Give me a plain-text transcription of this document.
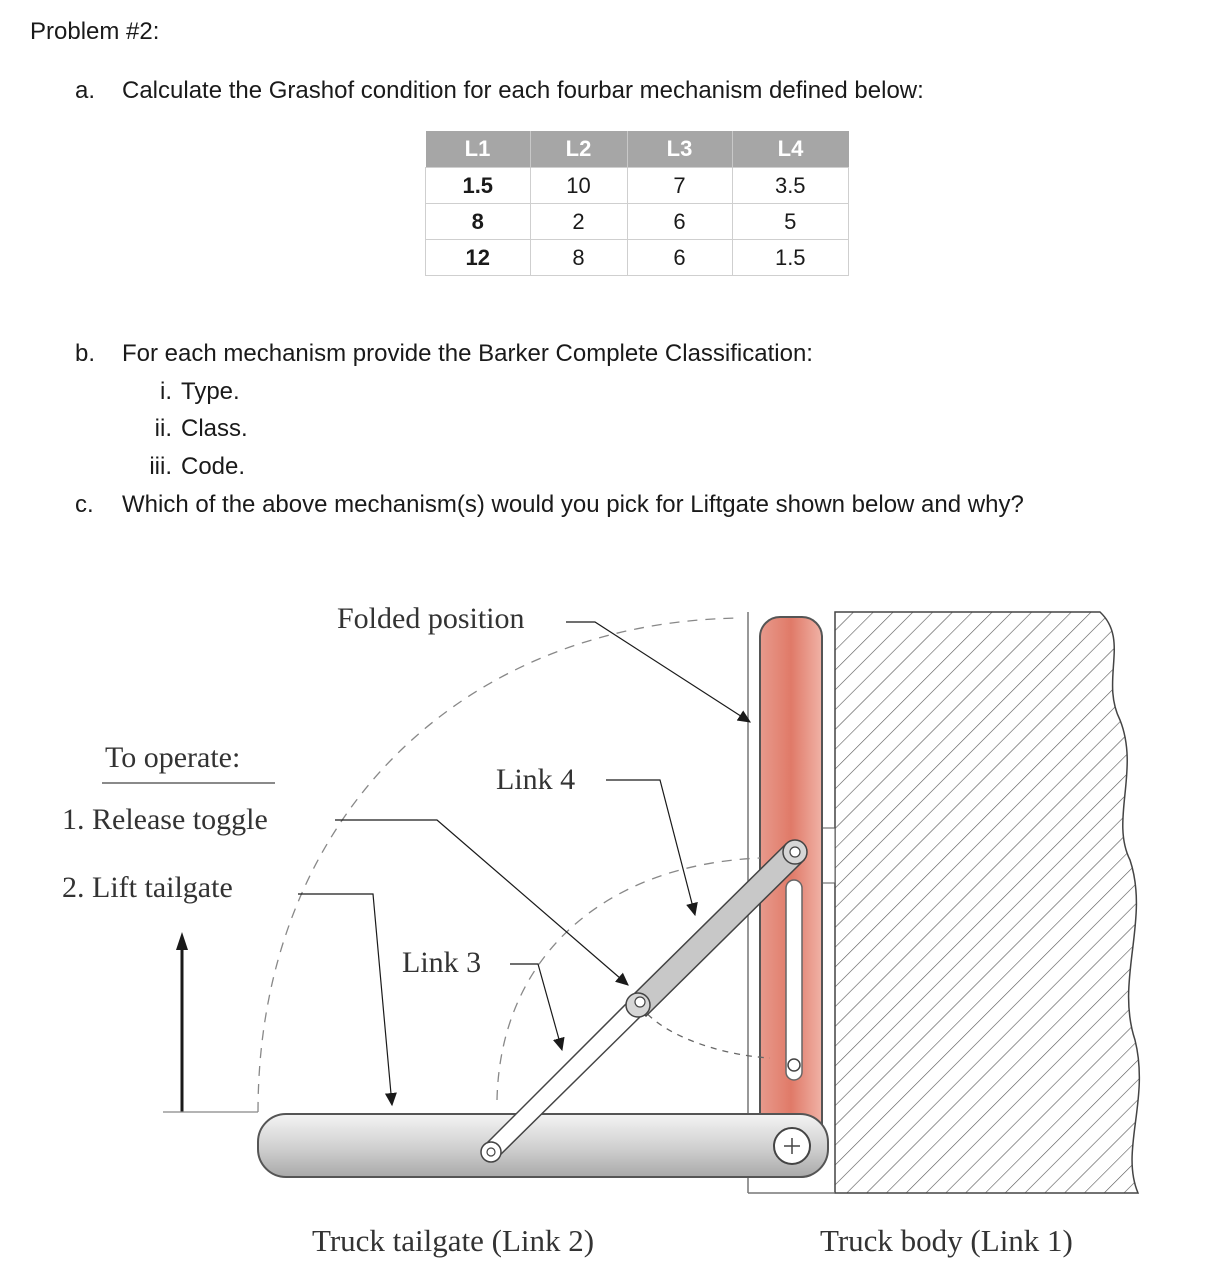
Problem #2:
a.	Calculate the Grashof condition for each fourbar mechanism defined below:
L1	L2	L3	L4
1.5	10	7	3.5
8	2	6	5
12	8	6	1.5
b.	For each mechanism provide the Barker Complete Classification:
i. Type.
ii. Class.
iii. Code.
c.	Which of the above mechanism(s) would you pick for Liftgate shown below and why?
Folded position
To operate:
1. Release toggle
2. Lift tailgate
Link 4
Link 3
Truck tailgate (Link 2)	Truck body (Link 1)
